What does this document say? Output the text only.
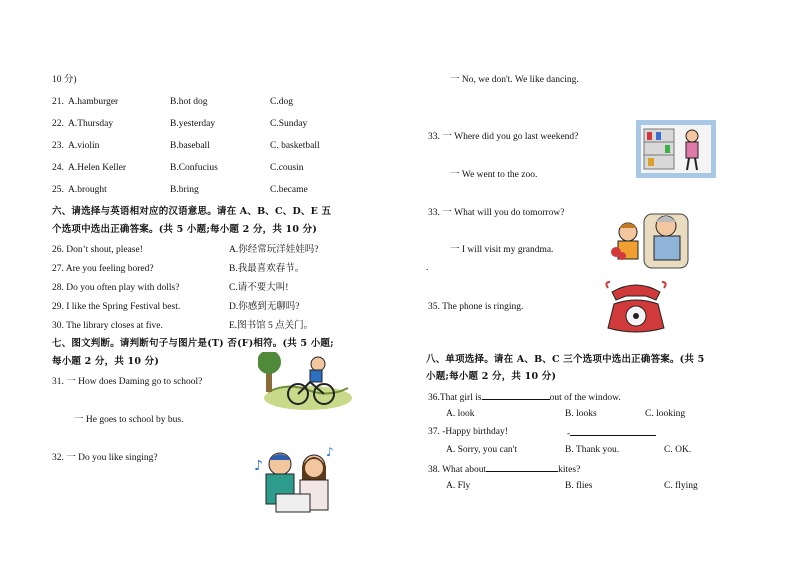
10 分)
21. A.hamburger	B.hot dog	C.dog
22. A.Thursday	B.yesterday	C.Sunday
23. A.violin	B.baseball	C. basketball
24. A.Helen Keller	B.Confucius	C.cousin
25. A.brought	B.bring	C.became
六、请选择与英语相对应的汉语意思。请在 A、B、C、D、E 五
个选项中选出正确答案。(共 5 小题;每小题 2 分，共 10 分)
26. Don’t shout, please!	A.你经常玩洋娃娃吗?
27. Are you feeling bored?	B.我最喜欢春节。
28. Do you often play with dolls?	C.请不要大叫!
29. I like the Spring Festival best.	D.你感到无聊吗?
30. The library closes at five.	E.图书馆 5 点关门。
七、图文判断。请判断句子与图片是(T) 否(F)相符。(共 5 小题;
每小题 2 分，共 10 分)
31. 一 How does Daming go to school?
一 He goes to school by bus.
32. 一 Do you like singing?	♪
♪
一 No, we don't. We like dancing.
33. 一 Where did you go last weekend?
一 We went to the zoo.
33. 一 What will you do tomorrow?
一 I will visit my grandma.
.
35. The phone is ringing.
八、单项选择。请在 A、B、C 三个选项中选出正确答案。(共 5
小题;每小题 2 分，共 10 分)
36.That girl is	out of the window.
A. look	B. looks	C. looking
37. -Happy birthday!	-
A. Sorry, you can't	B. Thank you.	C. OK.
38. What about	kites?
A. Fly	B. flies	C. flying
